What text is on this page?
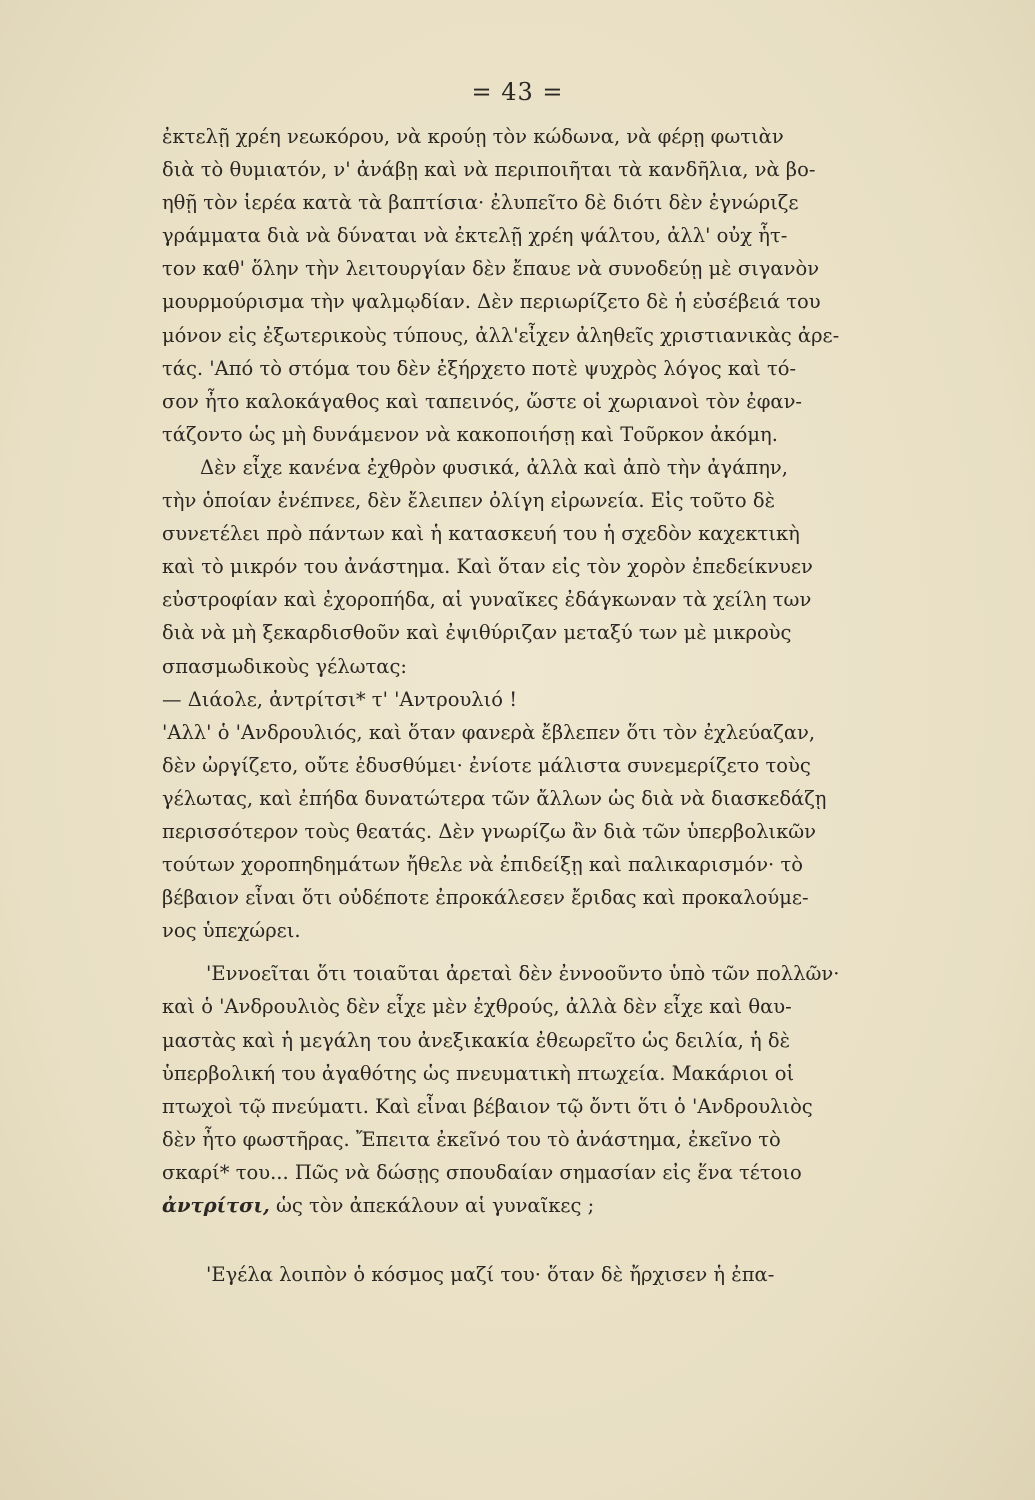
= 43 =
ἐκτελῇ χρέη νεωκόρου, νὰ κρούῃ τὸν κώδωνα, νὰ φέρῃ φωτιὰν
διὰ τὸ θυμιατόν, ν' ἀνάβῃ καὶ νὰ περιποιῆται τὰ κανδῆλια, νὰ βο-
ηθῇ τὸν ἱερέα κατὰ τὰ βαπτίσια· ἐλυπεῖτο δὲ διότι δὲν ἐγνώριζε
γράμματα διὰ νὰ δύναται νὰ ἐκτελῇ χρέη ψάλτου, ἀλλ' οὐχ ἧτ-
τον καθ' ὅλην τὴν λειτουργίαν δὲν ἔπαυε νὰ συνοδεύῃ μὲ σιγανὸν
μουρμούρισμα τὴν ψαλμῳδίαν. Δὲν περιωρίζετο δὲ ἡ εὐσέβειά του
μόνον εἰς ἐξωτερικοὺς τύπους, ἀλλ'εἶχεν ἀληθεῖς χριστιανικὰς ἀρε-
τάς. 'Από τὸ στόμα του δὲν ἐξήρχετο ποτὲ ψυχρὸς λόγος καὶ τό-
σον ἦτο καλοκάγαθος καὶ ταπεινός, ὥστε οἱ χωριανοὶ τὸν ἐφαν-
τάζοντο ὡς μὴ δυνάμενον νὰ κακοποιήσῃ καὶ Τοῦρκον ἀκόμη.
Δὲν εἶχε κανένα ἐχθρὸν φυσικά, ἀλλὰ καὶ ἀπὸ τὴν ἀγάπην,
τὴν ὁποίαν ἐνέπνεε, δὲν ἔλειπεν ὀλίγη εἰρωνεία. Εἰς τοῦτο δὲ
συνετέλει πρὸ πάντων καὶ ἡ κατασκευή του ἡ σχεδὸν καχεκτικὴ
καὶ τὸ μικρόν του ἀνάστημα. Καὶ ὅταν εἰς τὸν χορὸν ἐπεδείκνυεν
εὐστροφίαν καὶ ἐχοροπήδα, αἱ γυναῖκες ἐδάγκωναν τὰ χείλη των
διὰ νὰ μὴ ξεκαρδισθοῦν καὶ ἐψιθύριζαν μεταξύ των μὲ μικροὺς
σπασμωδικοὺς γέλωτας:
— Διάολε, ἀντρίτσι* τ' 'Αντρουλιό !
'Αλλ' ὁ 'Ανδρουλιός, καὶ ὅταν φανερὰ ἔβλεπεν ὅτι τὸν ἐχλεύαζαν,
δὲν ὠργίζετο, οὔτε ἐδυσθύμει· ἐνίοτε μάλιστα συνεμερίζετο τοὺς
γέλωτας, καὶ ἐπήδα δυνατώτερα τῶν ἄλλων ὡς διὰ νὰ διασκεδάζῃ
περισσότερον τοὺς θεατάς. Δὲν γνωρίζω ἂν διὰ τῶν ὑπερβολικῶν
τούτων χοροπηδημάτων ἤθελε νὰ ἐπιδείξῃ καὶ παλικαρισμόν· τὸ
βέβαιον εἶναι ὅτι οὐδέποτε ἐπροκάλεσεν ἔριδας καὶ προκαλούμε-
νος ὑπεχώρει.
'Εννοεῖται ὅτι τοιαῦται ἀρεταὶ δὲν ἐννοοῦντο ὑπὸ τῶν πολλῶν·
καὶ ὁ 'Ανδρουλιὸς δὲν εἶχε μὲν ἐχθρούς, ἀλλὰ δὲν εἶχε καὶ θαυ-
μαστὰς καὶ ἡ μεγάλη του ἀνεξικακία ἐθεωρεῖτο ὡς δειλία, ἡ δὲ
ὑπερβολική του ἀγαθότης ὡς πνευματικὴ πτωχεία. Μακάριοι οἱ
πτωχοὶ τῷ πνεύματι. Καὶ εἶναι βέβαιον τῷ ὄντι ὅτι ὁ 'Ανδρουλιὸς
δὲν ἦτο φωστῆρας. Ἔπειτα ἐκεῖνό του τὸ ἀνάστημα, ἐκεῖνο τὸ
σκαρί* του... Πῶς νὰ δώσῃς σπουδαίαν σημασίαν εἰς ἕνα τέτοιο
ἀντρίτσι, ὡς τὸν ἀπεκάλουν αἱ γυναῖκες ;
'Εγέλα λοιπὸν ὁ κόσμος μαζί του· ὅταν δὲ ἤρχισεν ἡ ἐπα-
